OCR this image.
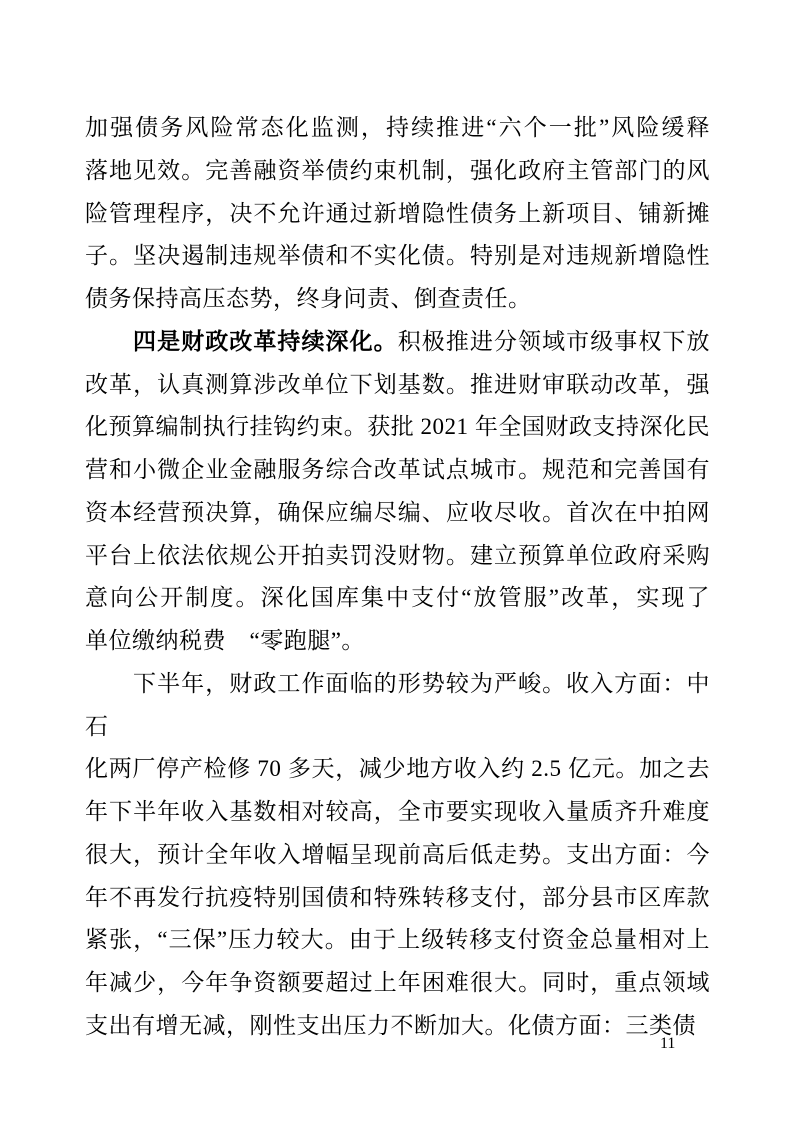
加强债务风险常态化监测，持续推进“六个一批”风险缓释
落地见效。完善融资举债约束机制，强化政府主管部门的风
险管理程序，决不允许通过新增隐性债务上新项目、铺新摊
子。坚决遏制违规举债和不实化债。特别是对违规新增隐性
债务保持高压态势，终身问责、倒查责任。
四是财政改革持续深化。积极推进分领域市级事权下放
改革，认真测算涉改单位下划基数。推进财审联动改革，强
化预算编制执行挂钩约束。获批 2021 年全国财政支持深化民
营和小微企业金融服务综合改革试点城市。规范和完善国有
资本经营预决算，确保应编尽编、应收尽收。首次在中拍网
平台上依法依规公开拍卖罚没财物。建立预算单位政府采购
意向公开制度。深化国库集中支付“放管服”改革，实现了
单位缴纳税费　“零跑腿”。
下半年，财政工作面临的形势较为严峻。收入方面：中石
化两厂停产检修 70 多天，减少地方收入约 2.5 亿元。加之去
年下半年收入基数相对较高，全市要实现收入量质齐升难度
很大，预计全年收入增幅呈现前高后低走势。支出方面：今
年不再发行抗疫特别国债和特殊转移支付，部分县市区库款
紧张，“三保”压力较大。由于上级转移支付资金总量相对上
年减少，今年争资额要超过上年困难很大。同时，重点领域
支出有增无减，刚性支出压力不断加大。化债方面：三类债
11
